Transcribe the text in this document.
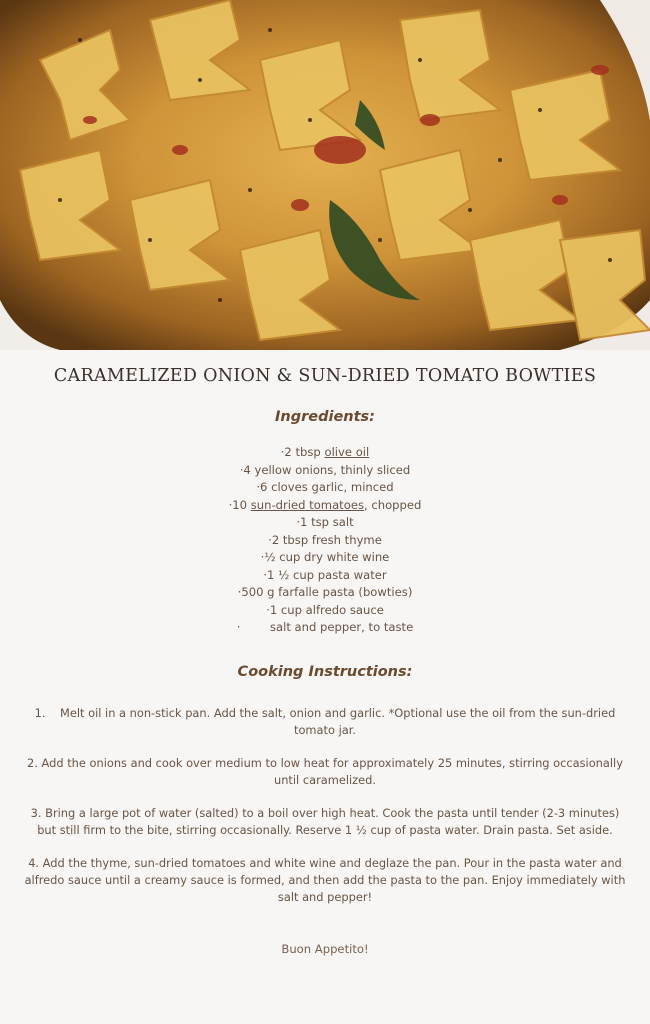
CARAMELIZED ONION & SUN-DRIED TOMATO BOWTIES
Ingredients:
·2 tbsp olive oil
·4 yellow onions, thinly sliced
·6 cloves garlic, minced
·10 sun-dried tomatoes, chopped
·1 tsp salt
·2 tbsp fresh thyme
·½ cup dry white wine
·1 ½ cup pasta water
·500 g farfalle pasta (bowties)
·1 cup alfredo sauce
·        salt and pepper, to taste
Cooking Instructions:

1.    Melt oil in a non-stick pan. Add the salt, onion and garlic. *Optional use the oil from the sun-dried tomato jar.

2. Add the onions and cook over medium to low heat for approximately 25 minutes, stirring occasionally until caramelized.

3. Bring a large pot of water (salted) to a boil over high heat. Cook the pasta until tender (2-3 minutes) but still firm to the bite, stirring occasionally. Reserve 1 ½ cup of pasta water. Drain pasta. Set aside.

4. Add the thyme, sun-dried tomatoes and white wine and deglaze the pan. Pour in the pasta water and alfredo sauce until a creamy sauce is formed, and then add the pasta to the pan. Enjoy immediately with salt and pepper!

Buon Appetito!
